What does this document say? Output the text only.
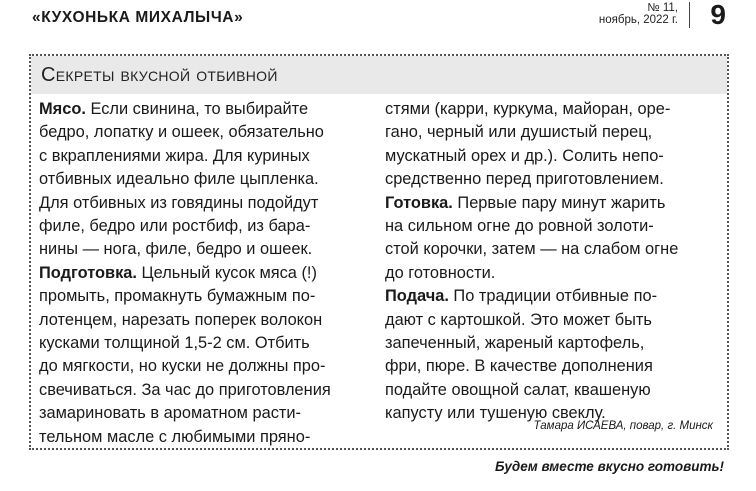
«КУХОНЬКА МИХАЛЫЧА»
№ 11,
ноябрь, 2022 г. 9
Секреты вкусной отбивной
Мясо. Если свинина, то выбирайте
бедро, лопатку и ошеек, обязательно
с вкраплениями жира. Для куриных
отбивных идеально филе цыпленка.
Для отбивных из говядины подойдут
филе, бедро или ростбиф, из бара-
нины — нога, филе, бедро и ошеек.
Подготовка. Цельный кусок мяса (!)
промыть, промакнуть бумажным по-
лотенцем, нарезать поперек волокон
кусками толщиной 1,5-2 см. Отбить
до мягкости, но куски не должны про-
свечиваться. За час до приготовления
замариновать в ароматном расти-
тельном масле с любимыми пряно-
стями (карри, куркума, майоран, оре-
гано, черный или душистый перец,
мускатный орех и др.). Солить непо-
средственно перед приготовлением.
Готовка. Первые пару минут жарить
на сильном огне до ровной золоти-
стой корочки, затем — на слабом огне
до готовности.
Подача. По традиции отбивные по-
дают с картошкой. Это может быть
запеченный, жареный картофель,
фри, пюре. В качестве дополнения
подайте овощной салат, квашеную
капусту или тушеную свеклу.
Тамара ИСАЕВА, повар, г. Минск
Будем вместе вкусно готовить!
